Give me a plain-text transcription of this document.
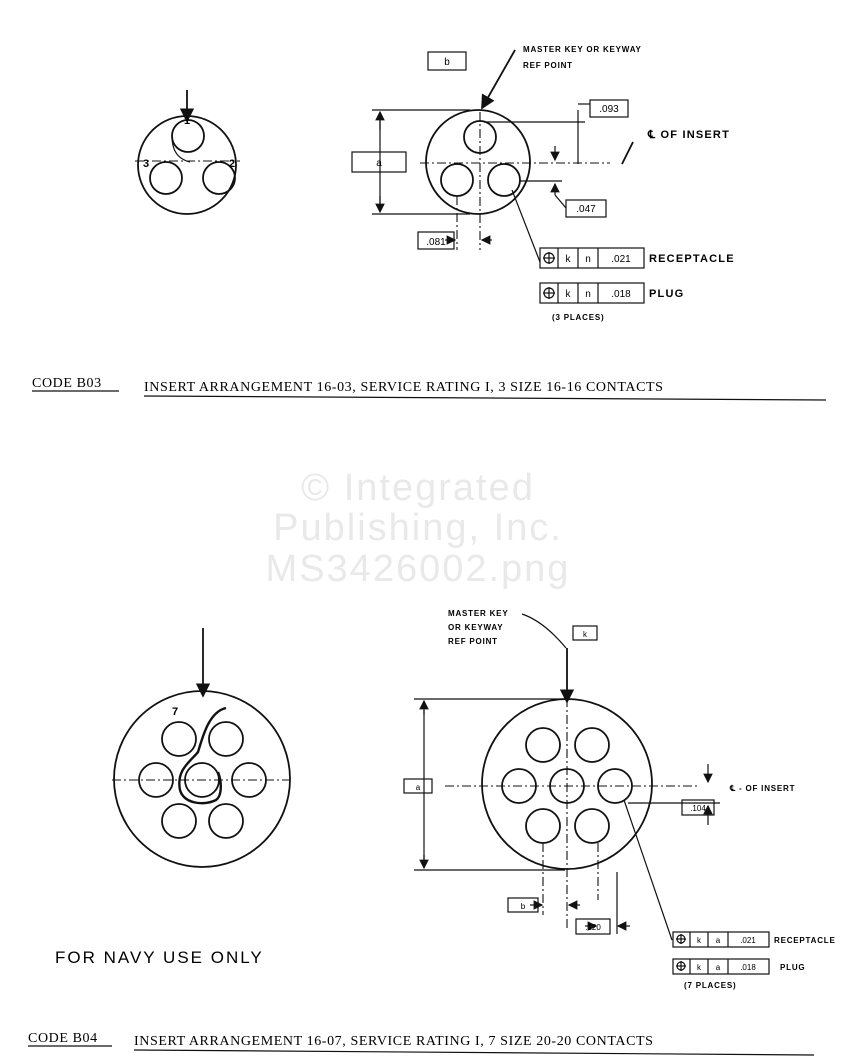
© Integrated
Publishing, Inc.
MS3426002.png
1
2
3
MASTER KEY OR KEYWAY
REF POINT
b
a
.093
℄ OF INSERT
.047
.081
k n .021 RECEPTACLE
k n .018 PLUG
(3 PLACES)
CODE B03	INSERT ARRANGEMENT 16-03, SERVICE RATING I, 3 SIZE 16-16 CONTACTS
7
MASTER KEY
OR KEYWAY
REF POINT
k
a
.104
℄ - OF INSERT
b
.120
k a .021 RECEPTACLE
k a .018	PLUG
(7 PLACES)
FOR NAVY USE ONLY
CODE B04	INSERT ARRANGEMENT 16-07, SERVICE RATING I, 7 SIZE 20-20 CONTACTS
